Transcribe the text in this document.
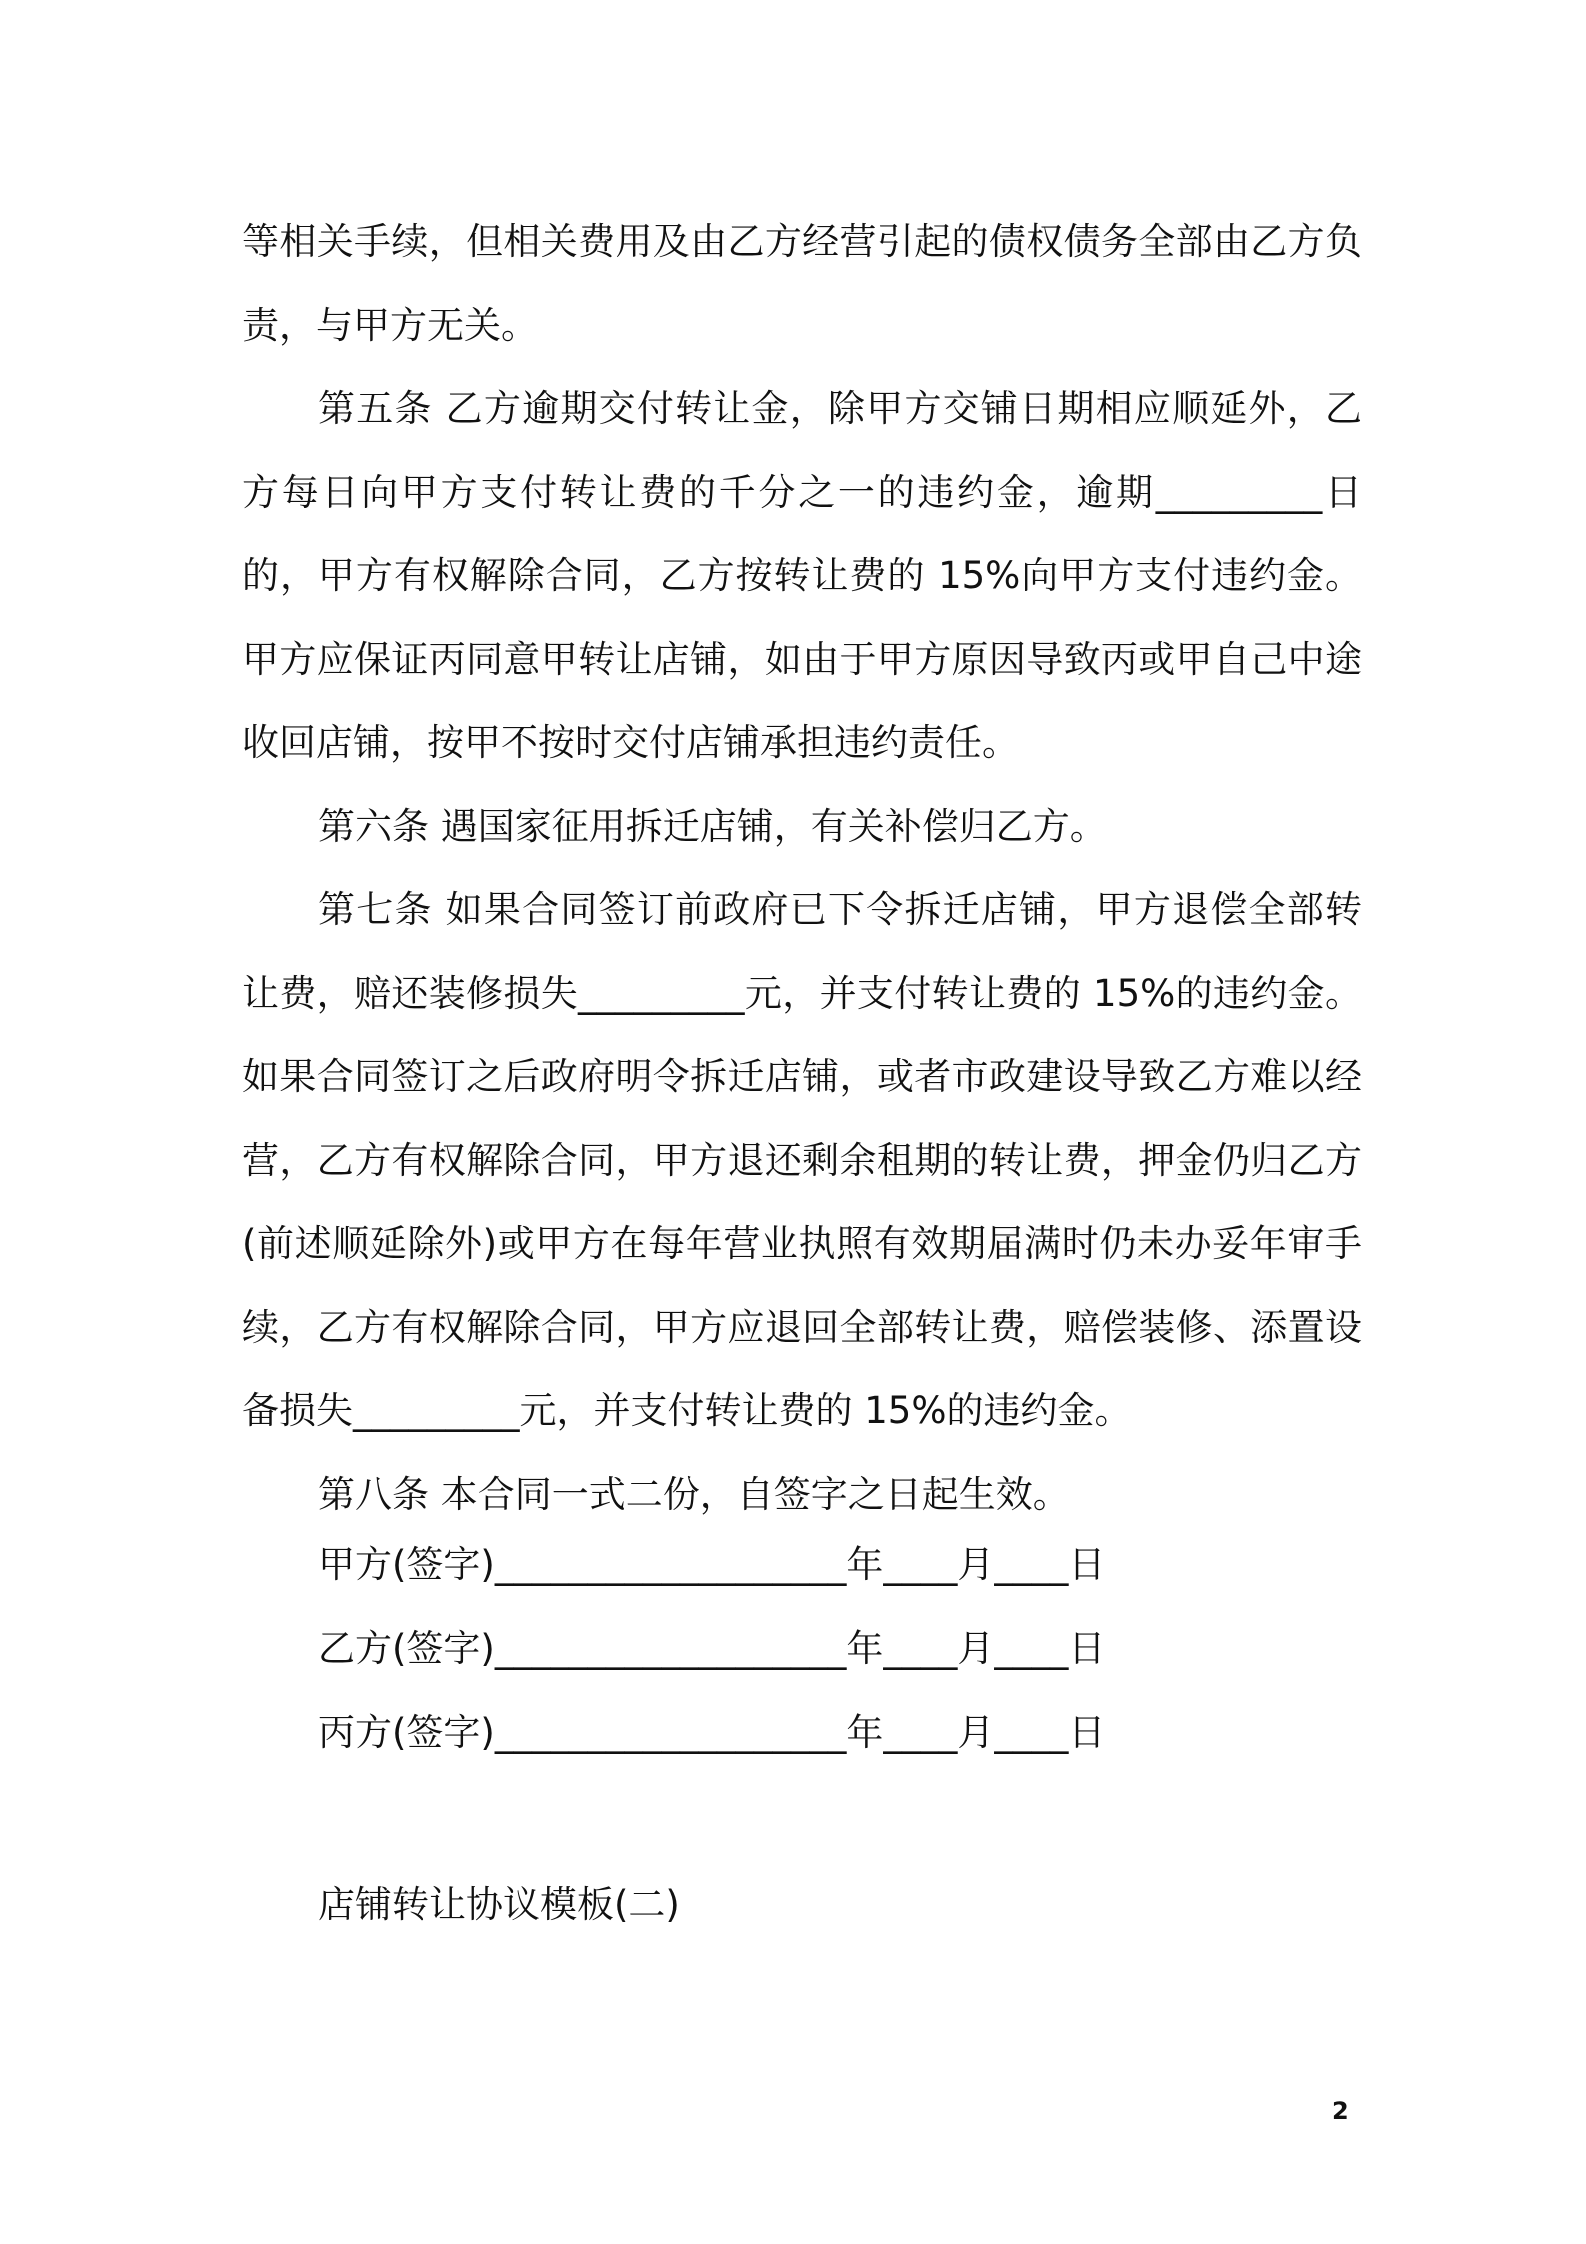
等相关手续，但相关费用及由乙方经营引起的债权债务全部由乙方负责，与甲方无关。

第五条 乙方逾期交付转让金，除甲方交铺日期相应顺延外，乙方每日向甲方支付转让费的千分之一的违约金，逾期_________日的，甲方有权解除合同，乙方按转让费的 15%向甲方支付违约金。甲方应保证丙同意甲转让店铺，如由于甲方原因导致丙或甲自己中途收回店铺，按甲不按时交付店铺承担违约责任。

第六条 遇国家征用拆迁店铺，有关补偿归乙方。

第七条 如果合同签订前政府已下令拆迁店铺，甲方退偿全部转让费，赔还装修损失_________元，并支付转让费的 15%的违约金。如果合同签订之后政府明令拆迁店铺，或者市政建设导致乙方难以经营，乙方有权解除合同，甲方退还剩余租期的转让费，押金仍归乙方(前述顺延除外)或甲方在每年营业执照有效期届满时仍未办妥年审手续，乙方有权解除合同，甲方应退回全部转让费，赔偿装修、添置设备损失_________元，并支付转让费的 15%的违约金。

第八条 本合同一式二份，自签字之日起生效。

甲方(签字)___________________年____月____日
乙方(签字)___________________年____月____日
丙方(签字)___________________年____月____日
店铺转让协议模板(二)
2
